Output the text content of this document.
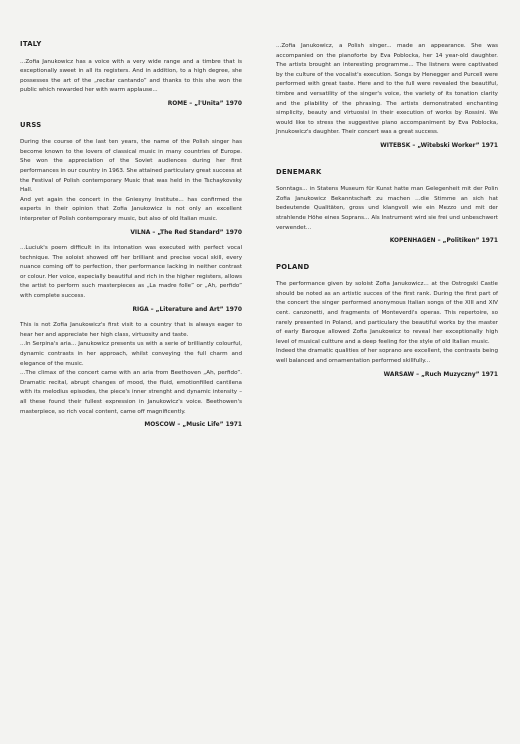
ITALY
...Zofia Janukowicz has a voice with a very wide range and a timbre that is exceptionally sweet in all its registers. And in addition, to a high degree, she possesses the art of the „recitar cantando” and thanks to this she won the public which rewarded her with warm applause...
ROME – „l'Unita” 1970
URSS

During the course of the last ten years, the name of the Polish singer has become known to the lovers of classical music in many countries of Europe. She won the appreciation of the Soviet audiences during her first performances in our country in 1963. She attained particulary great success at the Festival of Polish contemporary Music that was held in the Tschaykovsky Hall.

And yet again the concert in the Gniesyny Institute... has confirmed the experts in their opinion that Zofia Janukowicz is not only an excellent interpreter of Polish contemporary music, but also of old Italian music.

VILNA – „The Red Standard” 1970
...Luciuk's poem difficult in its intonation was executed with perfect vocal technique. The soloist showed off her brilliant and precise vocal skill, every nuance coming off to perfection, ther performance lacking in neither contrast or colour. Her voice, especially beautiful and rich in the higher registers, allows the artist to perform such masterpieces as „La madre folle” or „Ah, perfido” with complete success.
RIGA – „Literature and Art” 1970

This is not Zofia Janukowicz's first visit to a country that is always eager to hear her and appreciate her high class, virtuosity and taste.

...In Serpina's aria... Janukowicz presents us with a serie of brilliantly colourful, dynamic contrasts in her approach, whilst conveying the full charm and elegance of the music.

...The climax of the concert came with an aria from Beethoven „Ah, perfido”. Dramatic recital, abrupt changes of mood, the fluid, emotionfilled cantilena with its melodius episodes, the piece's inner strenght and dynamic intensity – all these found their fullest expression in Janukowicz's voice. Beethowen's masterpiece, so rich vocal content, came off magnificently.

MOSCOW – „Music Life” 1971
...Zofia Janukowicz, a Polish singer... made an appearance. She was accompanied on the pianoforte by Eva Poblocka, her 14 year-old daughter. The artists brought an interesting programme... The listners were captivated by the culture of the vocalist's execution. Songs by Henegger and Purcell were performed with great taste. Here and to the full were revealed the beautiful, timbre and versatility of the singer's voice, the variety of its tonation clarity and the pliability of the phrasing. The artists demonstrated enchanting simplicity, beauty and virtuosisi in their execution of works by Rossini. We would like to stress the suggestive piano accompaniment by Eva Poblocka, Jnnukowicz's daughter. Their concert was a great success.
WITEBSK – „Witebski Worker” 1971
DENEMARK
Sonntags... in Statens Museum für Kunst hatte man Gelegenheit mit der Polin Zofia Janukowicz Bekanntschaft zu machen ...die Stimme an sich hat bedeutende Qualitäten, gross und klangvoll wie ein Mezzo und mit der strahlende Höhe eines Soprans... Als Instrument wird sie frei und unbeschwert verwendet...
KOPENHAGEN – „Politiken” 1971
POLAND

The performance given by soloist Zofia Janukowicz... at the Ostrogski Castle should be noted as an artistic succes of the first rank. During the first part of the concert the singer performed anonymous Italian songs of the XIII and XIV cent. canzonetti, and fragments of Monteverdi's operas. This repertoire, so rarely presented in Poland, and particulary the beautiful works by the master of early Baroque allowed Zofia Janukowicz to reveal her exceptionally high level of musical cultture and a deep feeling for the style of old Italian music.

Indeed the dramatic qualities of her soprano are excellent, the contrasts being well balanced and ornamentation performed skillfully...

WARSAW – „Ruch Muzyczny” 1971
